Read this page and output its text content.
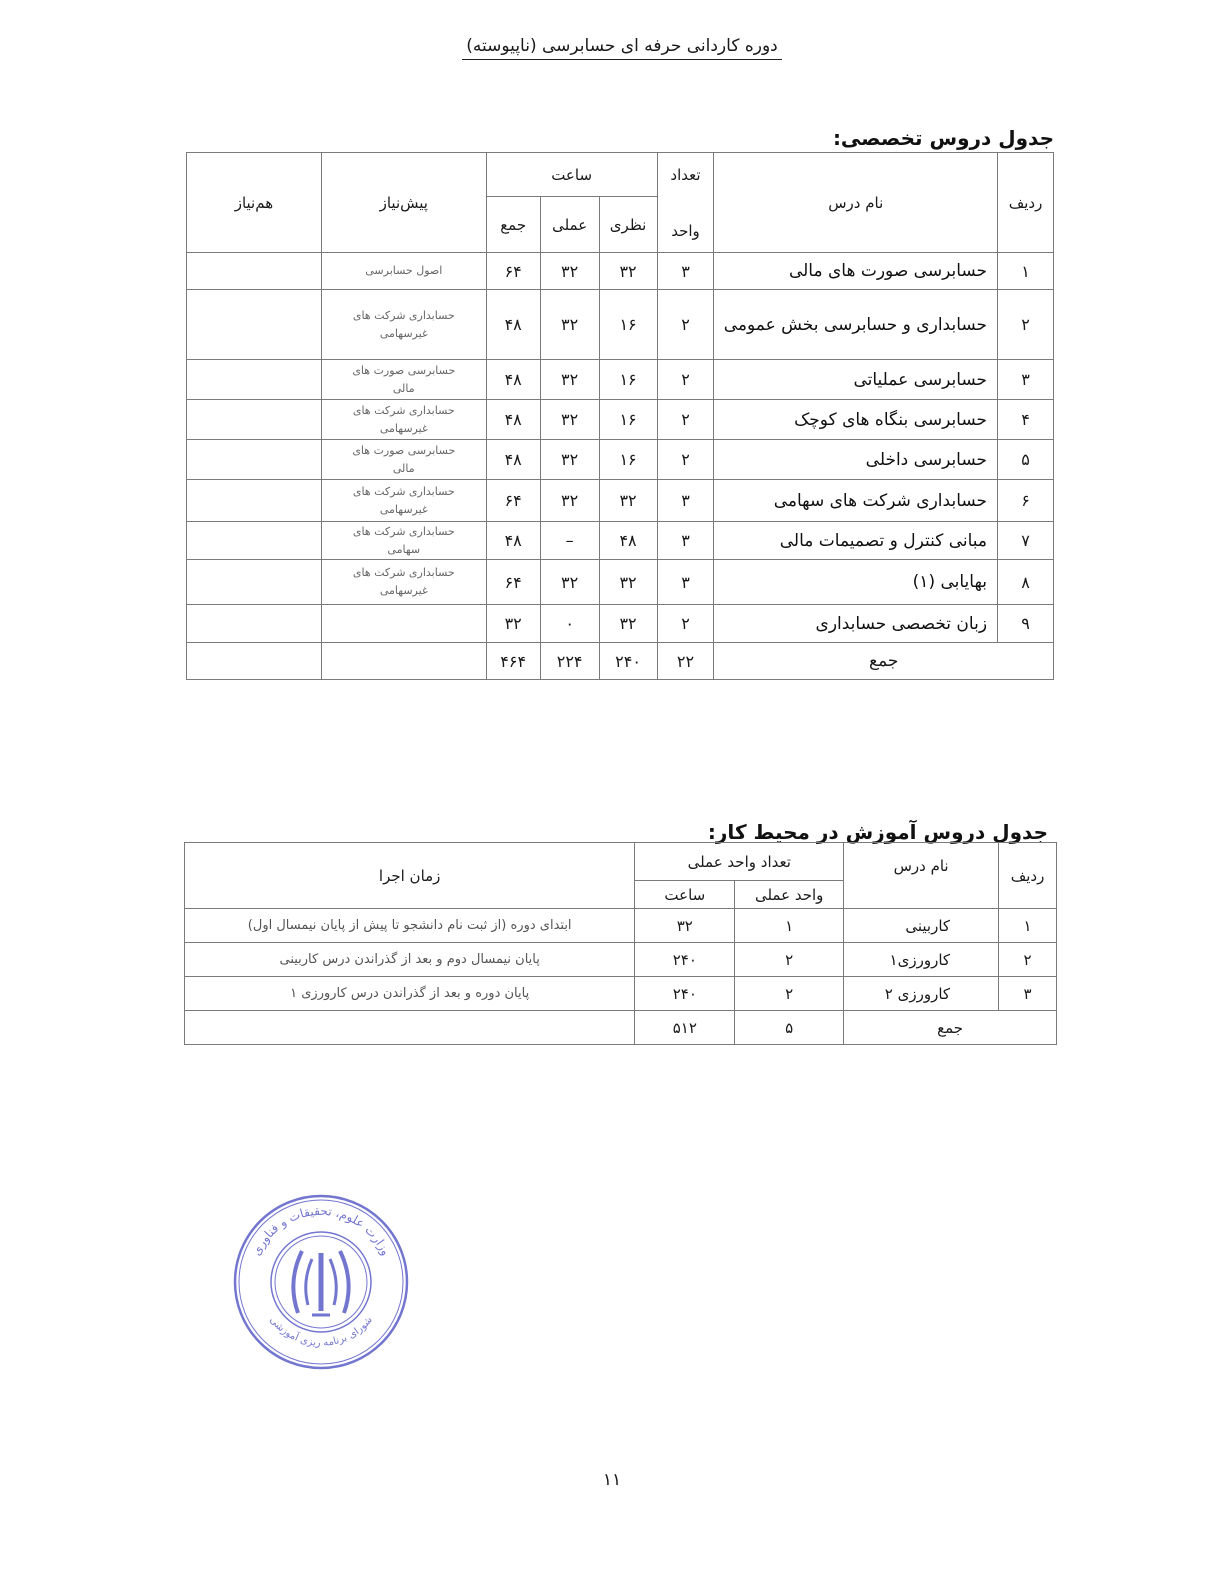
دوره کاردانی حرفه ای حسابرسی (ناپیوسته)
جدول دروس تخصصی:
ردیف	نام درس	تعداد
واحد	ساعت			پیش‌نیاز	هم‌نیاز
			نظری	عملی	جمع		
۱	حسابرسی صورت های مالی	۳	۳۲	۳۲	۶۴	اصول حسابرسی	
۲	حسابداری و حسابرسی بخش عمومی	۲	۱۶	۳۲	۴۸	حسابداری شرکت های غیرسهامی	
۳	حسابرسی عملیاتی	۲	۱۶	۳۲	۴۸	حسابرسی صورت های مالی	
۴	حسابرسی بنگاه های کوچک	۲	۱۶	۳۲	۴۸	حسابداری شرکت های غیرسهامی	
۵	حسابرسی داخلی	۲	۱۶	۳۲	۴۸	حسابرسی صورت های مالی	
۶	حسابداری شرکت های سهامی	۳	۳۲	۳۲	۶۴	حسابداری شرکت های غیرسهامی	
۷	مبانی کنترل و تصمیمات مالی	۳	۴۸	–	۴۸	حسابداری شرکت های سهامی	
۸	بهایابی (۱)	۳	۳۲	۳۲	۶۴	حسابداری شرکت های غیرسهامی	
۹	زبان تخصصی حسابداری	۲	۳۲	۰	۳۲		
جمع		۲۲	۲۴۰	۲۲۴	۴۶۴		
جدول دروس آموزش در محیط کار:
ردیف	نام درس	تعداد واحد عملی		زمان اجرا
		واحد عملی	ساعت	
۱	کاربینی	۱	۳۲	ابتدای دوره (از ثبت نام دانشجو تا پیش از پایان نیمسال اول)
۲	کارورزی۱	۲	۲۴۰	پایان نیمسال دوم و بعد از گذراندن درس کاربینی
۳	کارورزی ۲	۲	۲۴۰	پایان دوره و بعد از گذراندن درس کارورزی ۱
جمع		۵	۵۱۲	
وزارت علوم، تحقیقات و فناوری
شورای برنامه ریزی آموزشی
۱۱
